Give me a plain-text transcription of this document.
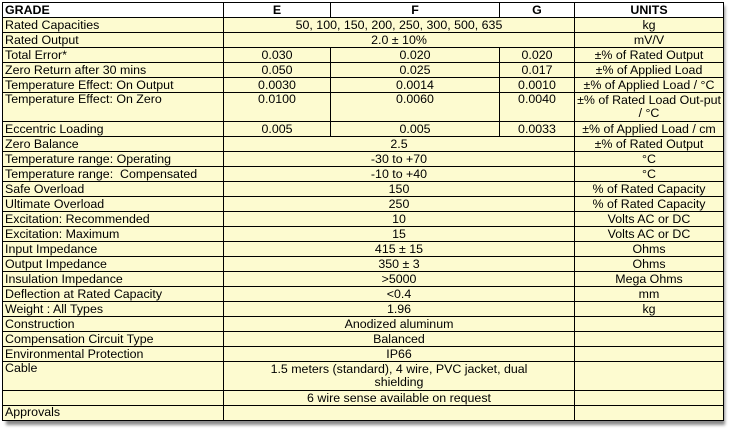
GRADE	E	F	G	UNITS
Rated Capacities	50, 100, 150, 200, 250, 300, 500, 635			kg
Rated Output	2.0 ± 10%			mV/V
Total Error*	0.030	0.020	0.020	±% of Rated Output
Zero Return after 30 mins	0.050	0.025	0.017	±% of Applied Load
Temperature Effect: On Output	0.0030	0.0014	0.0010	±% of Applied Load / °C
Temperature Effect: On Zero	0.0100	0.0060	0.0040	±% of Rated Load Out-put / °C
Eccentric Loading	0.005	0.005	0.0033	±% of Applied Load / cm
Zero Balance	2.5			±% of Rated Output
Temperature range: Operating	-30 to +70			°C
Temperature range:  Compensated	-10 to +40			°C
Safe Overload	150			% of Rated Capacity
Ultimate Overload	250			% of Rated Capacity
Excitation: Recommended	10			Volts AC or DC
Excitation: Maximum	15			Volts AC or DC
Input Impedance	415 ± 15			Ohms
Output Impedance	350 ± 3			Ohms
Insulation Impedance	>5000			Mega Ohms
Deflection at Rated Capacity	<0.4			mm
Weight : All Types	1.96			kg
Construction	Anodized aluminum			
Compensation Circuit Type	Balanced			
Environmental Protection	IP66			
Cable	1.5 meters (standard), 4 wire, PVC jacket, dual shielding			
	6 wire sense available on request			
Approvals				
